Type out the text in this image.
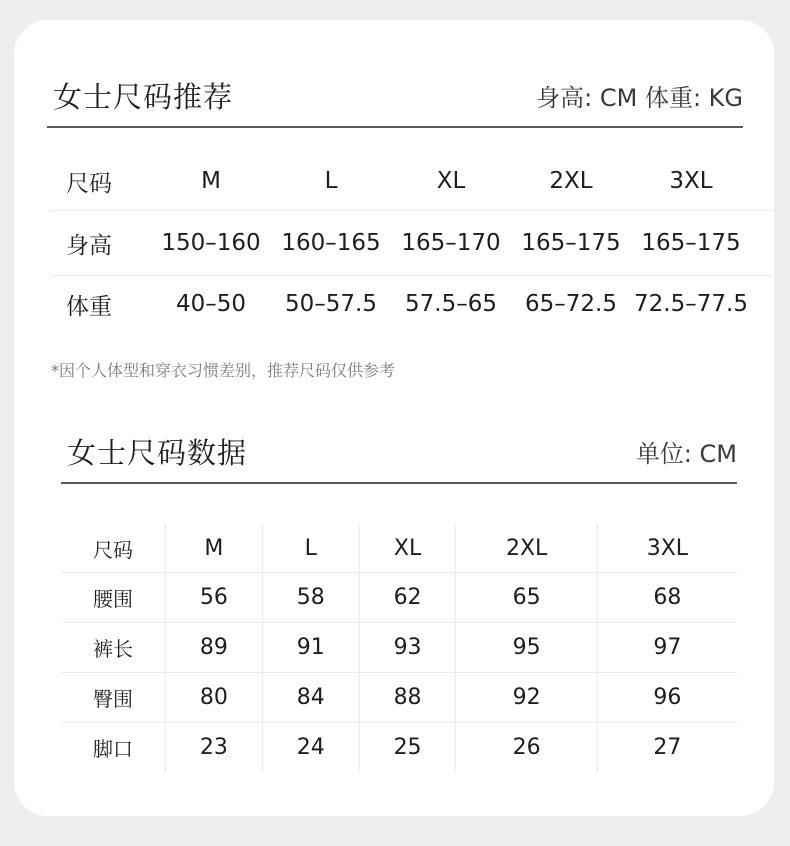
女士尺码推荐	身高: CM 体重: KG
尺码	M	L	XL	2XL	3XL
身高	150–160 160–165 165–170 165–175 165–175
体重	40–50	50–57.5	57.5–65	65–72.5 72.5–77.5
*因个人体型和穿衣习惯差别，推荐尺码仅供参考
女士尺码数据	单位: CM
尺码	M	L	XL	2XL	3XL
腰围	56	58	62	65	68
裤长	89	91	93	95	97
臀围	80	84	88	92	96
脚口	23	24	25	26	27
